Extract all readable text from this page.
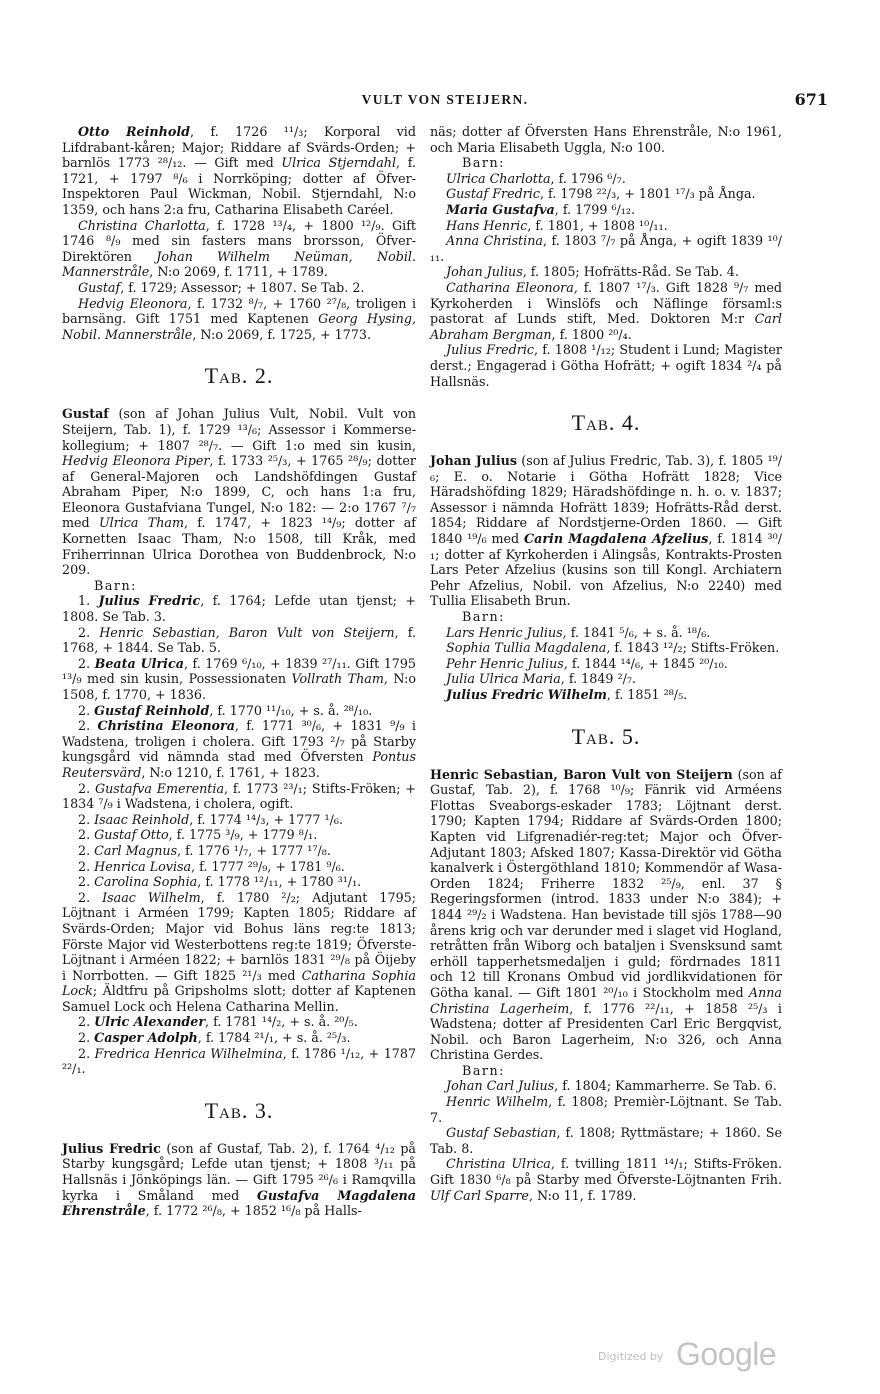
VULT VON STEIJERN.	671

Otto Reinhold, f. 1726 ¹¹/₃; Korporal vid Lifdrabant-kåren; Major; Riddare af Svärds-Orden; + barnlös 1773 ²⁸/₁₂. — Gift med Ulrica Stjerndahl, f. 1721, + 1797 ⁸/₆ i Norrköping; dotter af Öfver-Inspektoren Paul Wickman, Nobil. Stjerndahl, N:o 1359, och hans 2:a fru, Catharina Elisabeth Caréel.

Christina Charlotta, f. 1728 ¹³/₄, + 1800 ¹²/₉. Gift 1746 ⁸/₉ med sin fasters mans brorsson, Öfver-Direktören Johan Wilhelm Neüman, Nobil. Mannerstråle, N:o 2069, f. 1711, + 1789.

Gustaf, f. 1729; Assessor; + 1807. Se Tab. 2.

Hedvig Eleonora, f. 1732 ⁸/₇, + 1760 ²⁷/₈, troligen i barnsäng. Gift 1751 med Kaptenen Georg Hysing, Nobil. Mannerstråle, N:o 2069, f. 1725, + 1773.

Tab. 2.

Gustaf (son af Johan Julius Vult, Nobil. Vult von Steijern, Tab. 1), f. 1729 ¹³/₆; Assessor i Kommerse-kollegium; + 1807 ²⁸/₇. — Gift 1:o med sin kusin, Hedvig Eleonora Piper, f. 1733 ²⁵/₃, + 1765 ²⁸/₉; dotter af General-Majoren och Landshöfdingen Gustaf Abraham Piper, N:o 1899, C, och hans 1:a fru, Eleonora Gustafviana Tungel, N:o 182: — 2:o 1767 ⁷/₇ med Ulrica Tham, f. 1747, + 1823 ¹⁴/₉; dotter af Kornetten Isaac Tham, N:o 1508, till Kråk, med Friherrinnan Ulrica Dorothea von Buddenbrock, N:o 209.

Barn:

1. Julius Fredric, f. 1764; Lefde utan tjenst; + 1808. Se Tab. 3.

2. Henric Sebastian, Baron Vult von Steijern, f. 1768, + 1844. Se Tab. 5.

2. Beata Ulrica, f. 1769 ⁶/₁₀, + 1839 ²⁷/₁₁. Gift 1795 ¹³/₉ med sin kusin, Possessionaten Vollrath Tham, N:o 1508, f. 1770, + 1836.

2. Gustaf Reinhold, f. 1770 ¹¹/₁₀, + s. å. ²⁸/₁₀.

2. Christina Eleonora, f. 1771 ³⁰/₆, + 1831 ⁹/₉ i Wadstena, troligen i cholera. Gift 1793 ²/₇ på Starby kungsgård vid nämnda stad med Öfversten Pontus Reutersvärd, N:o 1210, f. 1761, + 1823.

2. Gustafva Emerentia, f. 1773 ²³/₁; Stifts-Fröken; + 1834 ⁷/₉ i Wadstena, i cholera, ogift.

2. Isaac Reinhold, f. 1774 ¹⁴/₃, + 1777 ¹/₆.

2. Gustaf Otto, f. 1775 ³/₉, + 1779 ⁸/₁.

2. Carl Magnus, f. 1776 ¹/₇, + 1777 ¹⁷/₈.

2. Henrica Lovisa, f. 1777 ²⁹/₉, + 1781 ⁹/₆.

2. Carolina Sophia, f. 1778 ¹²/₁₁, + 1780 ³¹/₁.

2. Isaac Wilhelm, f. 1780 ²/₂; Adjutant 1795; Löjtnant i Arméen 1799; Kapten 1805; Riddare af Svärds-Orden; Major vid Bohus läns reg:te 1813; Förste Major vid Westerbottens reg:te 1819; Öfverste-Löjtnant i Arméen 1822; + barnlös 1831 ²⁹/₈ på Öijeby i Norrbotten. — Gift 1825 ²¹/₃ med Catharina Sophia Lock; Äldtfru på Gripsholms slott; dotter af Kaptenen Samuel Lock och Helena Catharina Mellin.

2. Ulric Alexander, f. 1781 ¹⁴/₂, + s. å. ²⁰/₅.

2. Casper Adolph, f. 1784 ²¹/₁, + s. å. ²⁵/₃.

2. Fredrica Henrica Wilhelmina, f. 1786 ¹/₁₂, + 1787 ²²/₁.

Tab. 3.

Julius Fredric (son af Gustaf, Tab. 2), f. 1764 ⁴/₁₂ på Starby kungsgård; Lefde utan tjenst; + 1808 ³/₁₁ på Hallsnäs i Jönköpings län. — Gift 1795 ²⁶/₆ i Ramqvilla kyrka i Småland med Gustafva Magdalena Ehrenstråle, f. 1772 ²⁶/₈, + 1852 ¹⁶/₈ på Halls-

näs; dotter af Öfversten Hans Ehrenstråle, N:o 1961, och Maria Elisabeth Uggla, N:o 100.

Barn:

Ulrica Charlotta, f. 1796 ⁶/₇.

Gustaf Fredric, f. 1798 ²²/₃, + 1801 ¹⁷/₃ på Ånga.

Maria Gustafva, f. 1799 ⁶/₁₂.

Hans Henric, f. 1801, + 1808 ¹⁰/₁₁.

Anna Christina, f. 1803 ⁷/₇ på Ånga, + ogift 1839 ¹⁰/₁₁.

Johan Julius, f. 1805; Hofrätts-Råd. Se Tab. 4.

Catharina Eleonora, f. 1807 ¹⁷/₃. Gift 1828 ⁹/₇ med Kyrkoherden i Winslöfs och Näflinge församl:s pastorat af Lunds stift, Med. Doktoren M:r Carl Abraham Bergman, f. 1800 ²⁰/₄.

Julius Fredric, f. 1808 ¹/₁₂; Student i Lund; Magister derst.; Engagerad i Götha Hofrätt; + ogift 1834 ²/₄ på Hallsnäs.

Tab. 4.

Johan Julius (son af Julius Fredric, Tab. 3), f. 1805 ¹⁹/₆; E. o. Notarie i Götha Hofrätt 1828; Vice Häradshöfding 1829; Häradshöfdinge n. h. o. v. 1837; Assessor i nämnda Hofrätt 1839; Hofrätts-Råd derst. 1854; Riddare af Nordstjerne-Orden 1860. — Gift 1840 ¹⁹/₆ med Carin Magdalena Afzelius, f. 1814 ³⁰/₁; dotter af Kyrkoherden i Alingsås, Kontrakts-Prosten Lars Peter Afzelius (kusins son till Kongl. Archiatern Pehr Afzelius, Nobil. von Afzelius, N:o 2240) med Tullia Elisabeth Brun.

Barn:

Lars Henric Julius, f. 1841 ⁵/₆, + s. å. ¹⁸/₆.

Sophia Tullia Magdalena, f. 1843 ¹²/₂; Stifts-Fröken.

Pehr Henric Julius, f. 1844 ¹⁴/₆, + 1845 ²⁰/₁₀.

Julia Ulrica Maria, f. 1849 ²/₇.

Julius Fredric Wilhelm, f. 1851 ²⁸/₅.

Tab. 5.

Henric Sebastian, Baron Vult von Steijern (son af Gustaf, Tab. 2), f. 1768 ¹⁰/₉; Fänrik vid Arméens Flottas Sveaborgs-eskader 1783; Löjtnant derst. 1790; Kapten 1794; Riddare af Svärds-Orden 1800; Kapten vid Lifgrenadiér-reg:tet; Major och Öfver-Adjutant 1803; Afsked 1807; Kassa-Direktör vid Götha kanalverk i Östergöthland 1810; Kommendör af Wasa-Orden 1824; Friherre 1832 ²⁵/₉, enl. 37 § Regeringsformen (introd. 1833 under N:o 384); + 1844 ²⁹/₂ i Wadstena. Han bevistade till sjös 1788—90 årens krig och var derunder med i slaget vid Hogland, retråtten från Wiborg och bataljen i Svensksund samt erhöll tapperhetsmedaljen i guld; fördrnades 1811 och 12 till Kronans Ombud vid jordlikvidationen för Götha kanal. — Gift 1801 ²⁰/₁₀ i Stockholm med Anna Christina Lagerheim, f. 1776 ²²/₁₁, + 1858 ²⁵/₃ i Wadstena; dotter af Presidenten Carl Eric Bergqvist, Nobil. och Baron Lagerheim, N:o 326, och Anna Christina Gerdes.

Barn:

Johan Carl Julius, f. 1804; Kammarherre. Se Tab. 6.

Henric Wilhelm, f. 1808; Premièr-Löjtnant. Se Tab. 7.

Gustaf Sebastian, f. 1808; Ryttmästare; + 1860. Se Tab. 8.

Christina Ulrica, f. tvilling 1811 ¹⁴/₁; Stifts-Fröken. Gift 1830 ⁶/₈ på Starby med Öfverste-Löjtnanten Frih. Ulf Carl Sparre, N:o 11, f. 1789.

Digitized by Google
